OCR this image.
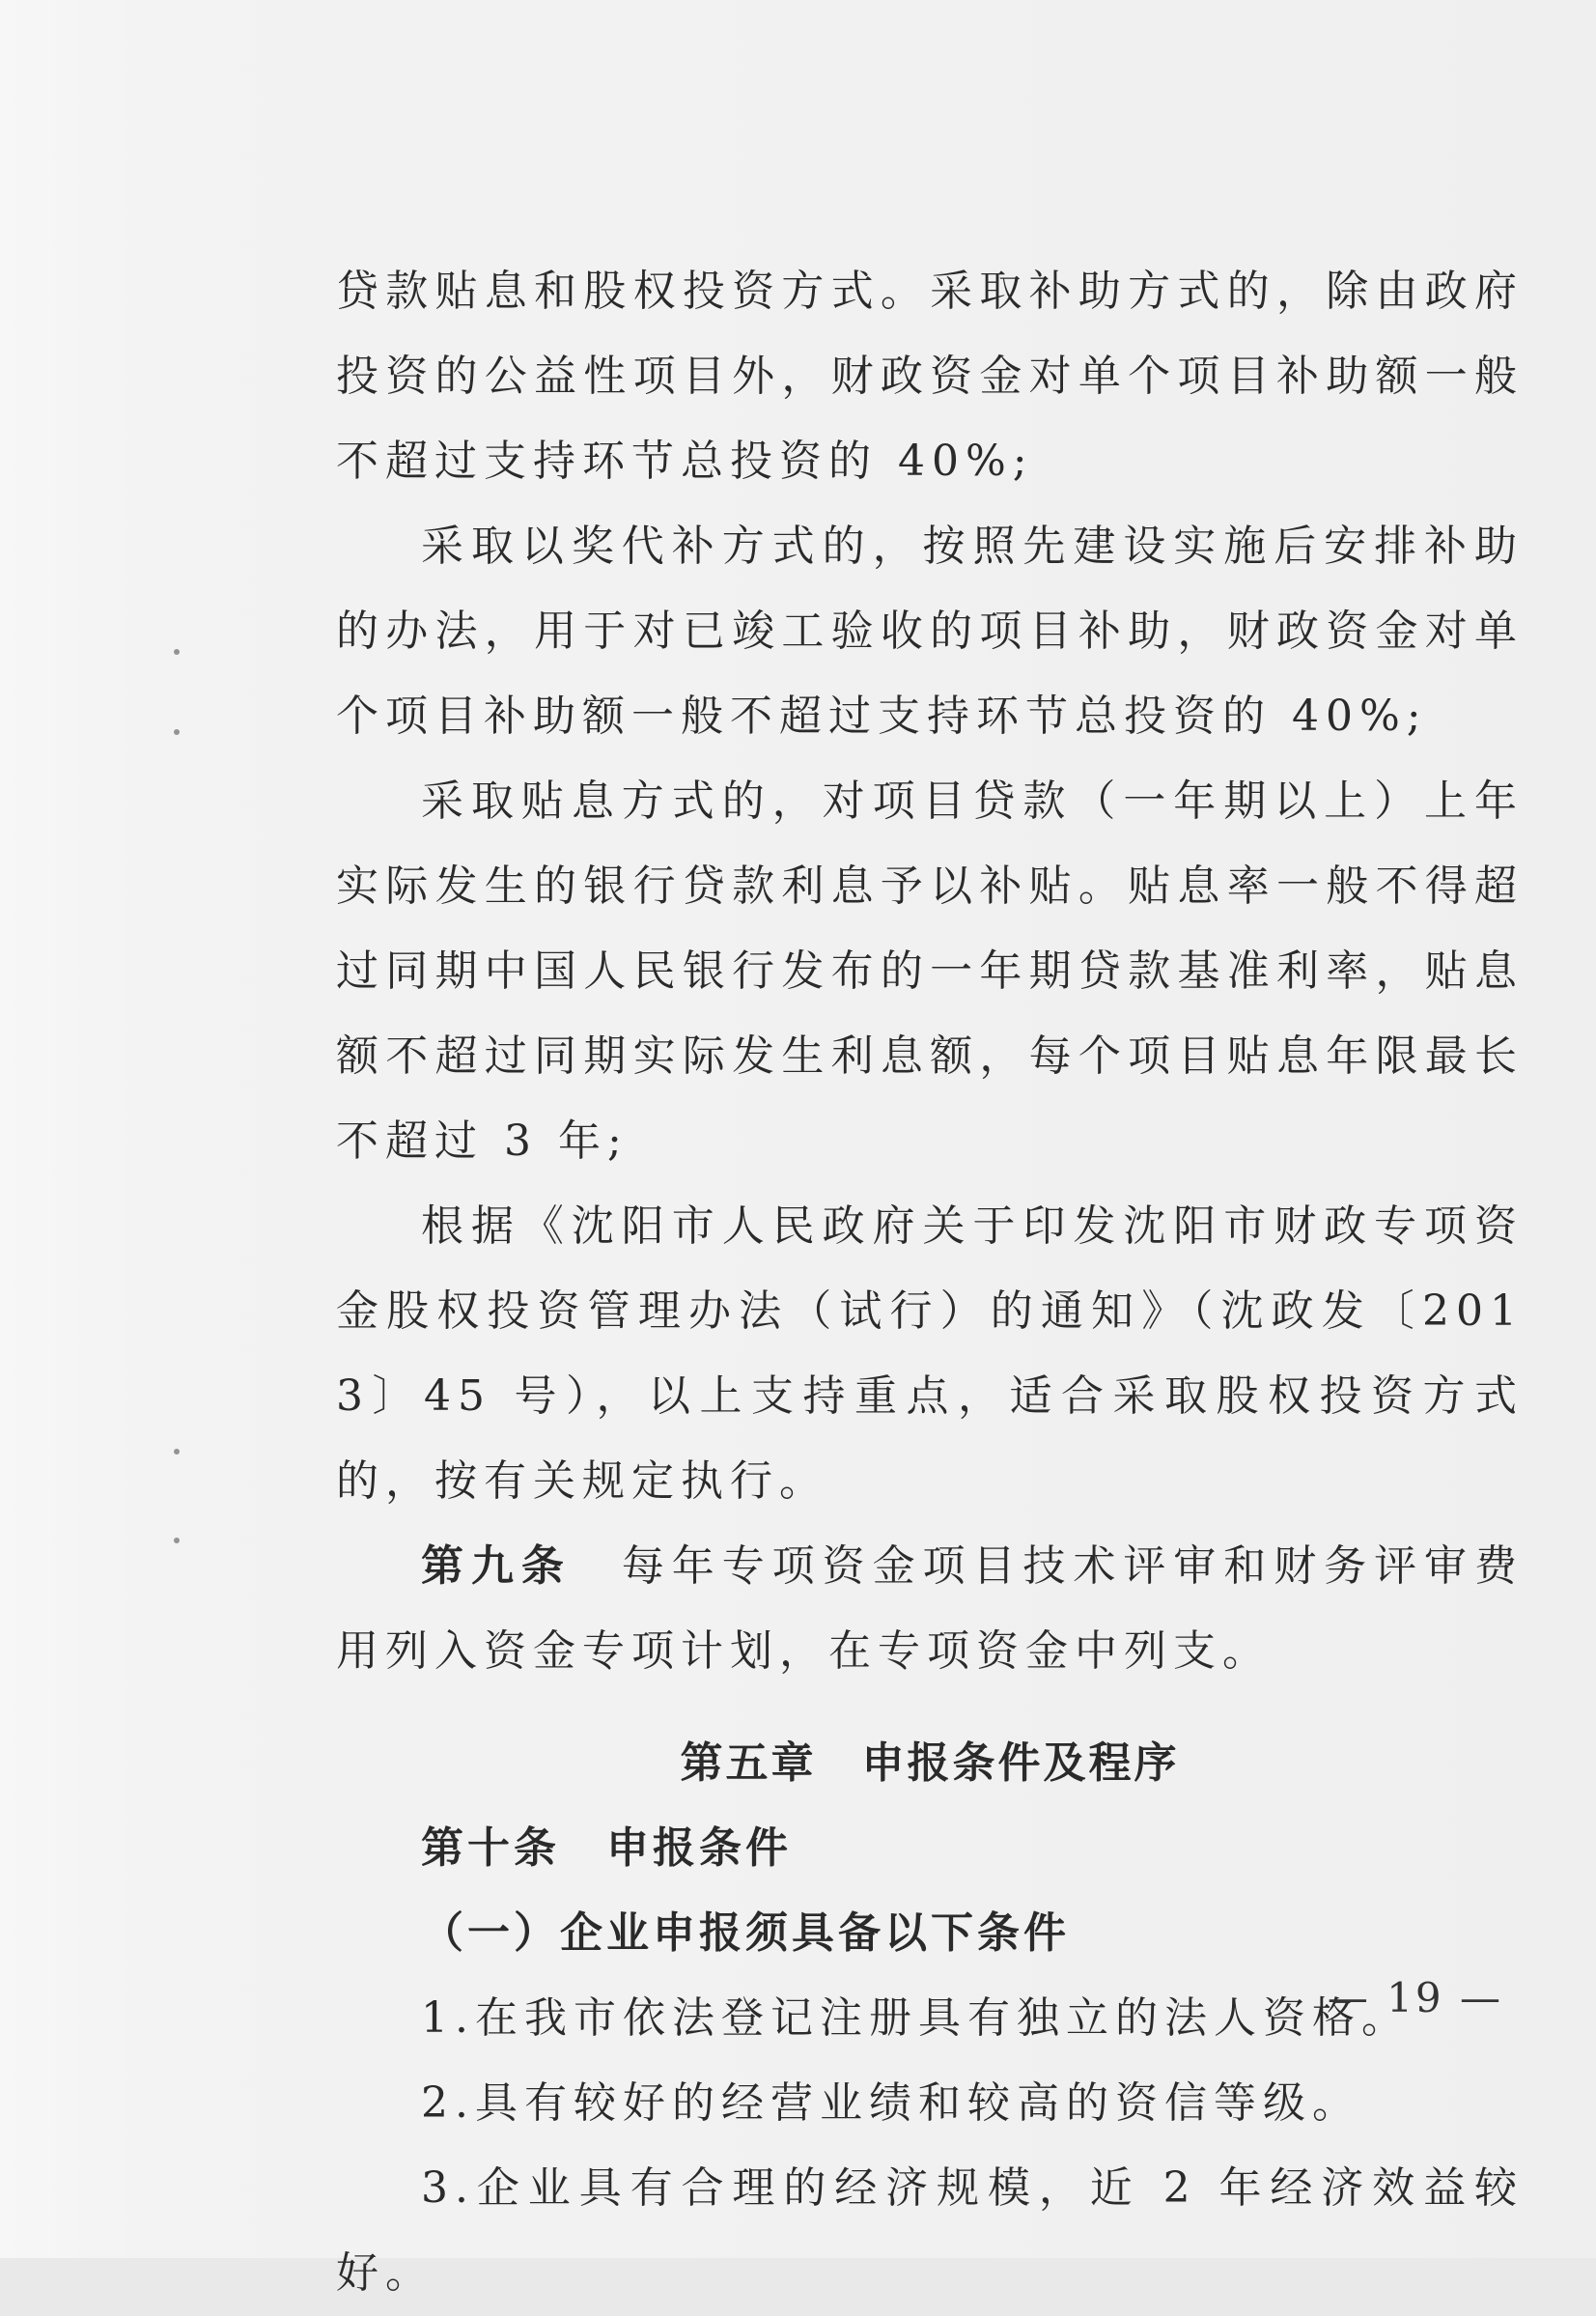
贷款贴息和股权投资方式。采取补助方式的，除由政府投资的公益性项目外，财政资金对单个项目补助额一般不超过支持环节总投资的 40%;

采取以奖代补方式的，按照先建设实施后安排补助的办法，用于对已竣工验收的项目补助，财政资金对单个项目补助额一般不超过支持环节总投资的 40%;

采取贴息方式的，对项目贷款（一年期以上）上年实际发生的银行贷款利息予以补贴。贴息率一般不得超过同期中国人民银行发布的一年期贷款基准利率，贴息额不超过同期实际发生利息额，每个项目贴息年限最长不超过 3 年;

根据《沈阳市人民政府关于印发沈阳市财政专项资金股权投资管理办法（试行）的通知》（沈政发〔2013〕45 号），以上支持重点，适合采取股权投资方式的，按有关规定执行。

第九条　 每年专项资金项目技术评审和财务评审费用列入资金专项计划，在专项资金中列支。

第五章　申报条件及程序

第十条　 申报条件

（一）企业申报须具备以下条件

1.在我市依法登记注册具有独立的法人资格。

2.具有较好的经营业绩和较高的资信等级。

3.企业具有合理的经济规模，近 2 年经济效益较好。

— 19 —
